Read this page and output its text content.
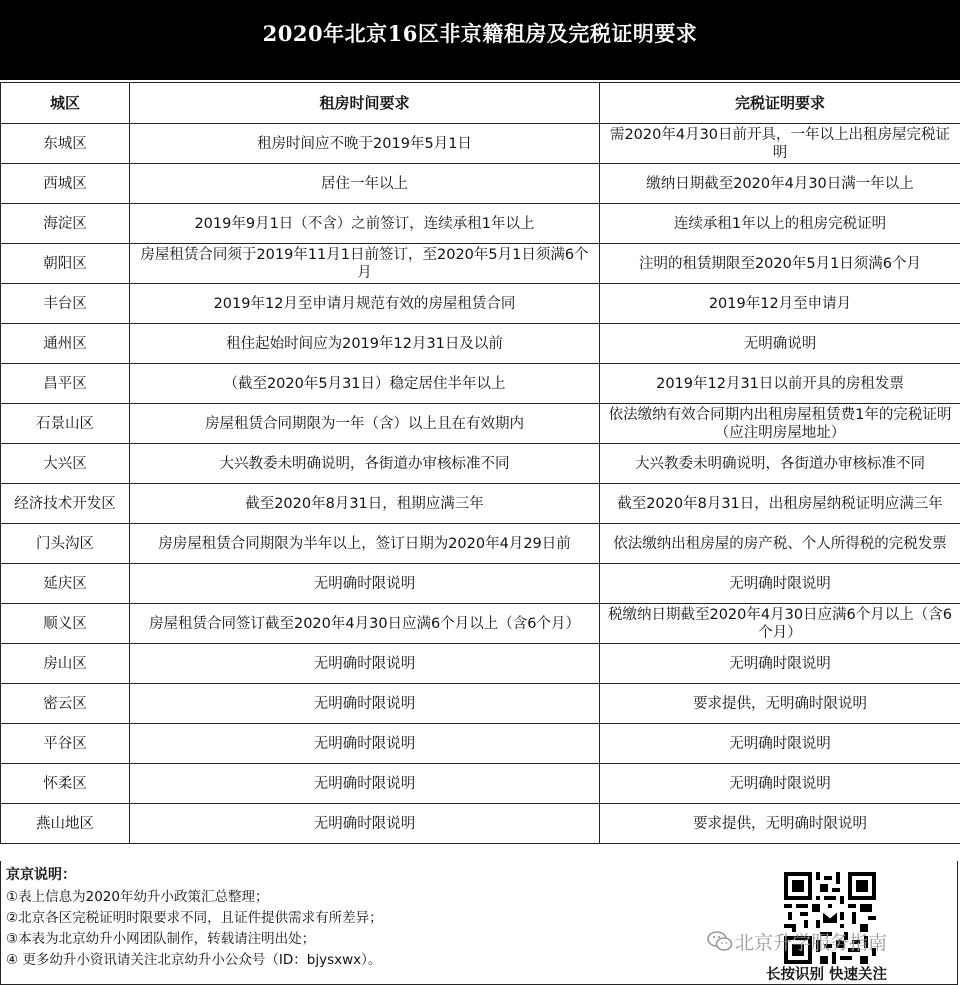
2020年北京16区非京籍租房及完税证明要求
城区	租房时间要求	完税证明要求
东城区	租房时间应不晚于2019年5月1日	需2020年4月30日前开具，一年以上出租房屋完税证明
西城区	居住一年以上	缴纳日期截至2020年4月30日满一年以上
海淀区	2019年9月1日（不含）之前签订，连续承租1年以上	连续承租1年以上的租房完税证明
朝阳区	房屋租赁合同须于2019年11月1日前签订，至2020年5月1日须满6个月	注明的租赁期限至2020年5月1日须满6个月
丰台区	2019年12月至申请月规范有效的房屋租赁合同	2019年12月至申请月
通州区	租住起始时间应为2019年12月31日及以前	无明确说明
昌平区	（截至2020年5月31日）稳定居住半年以上	2019年12月31日以前开具的房租发票
石景山区	房屋租赁合同期限为一年（含）以上且在有效期内	依法缴纳有效合同期内出租房屋租赁费1年的完税证明（应注明房屋地址）
大兴区	大兴教委未明确说明，各街道办审核标准不同	大兴教委未明确说明，各街道办审核标准不同
经济技术开发区	截至2020年8月31日，租期应满三年	截至2020年8月31日，出租房屋纳税证明应满三年
门头沟区	房房屋租赁合同期限为半年以上，签订日期为2020年4月29日前	依法缴纳出租房屋的房产税、个人所得税的完税发票
延庆区	无明确时限说明	无明确时限说明
顺义区	房屋租赁合同签订截至2020年4月30日应满6个月以上（含6个月）	税缴纳日期截至2020年4月30日应满6个月以上（含6个月）
房山区	无明确时限说明	无明确时限说明
密云区	无明确时限说明	要求提供，无明确时限说明
平谷区	无明确时限说明	无明确时限说明
怀柔区	无明确时限说明	无明确时限说明
燕山地区	无明确时限说明	要求提供，无明确时限说明
京京说明：
①表上信息为2020年幼升小政策汇总整理；
②北京各区完税证明时限要求不同，且证件提供需求有所差异；
③本表为北京幼升小网团队制作，转载请注明出处；
④ 更多幼升小资讯请关注北京幼升小公众号（ID：bjysxwx）。
北京升学服务指南
长按识别 快速关注
